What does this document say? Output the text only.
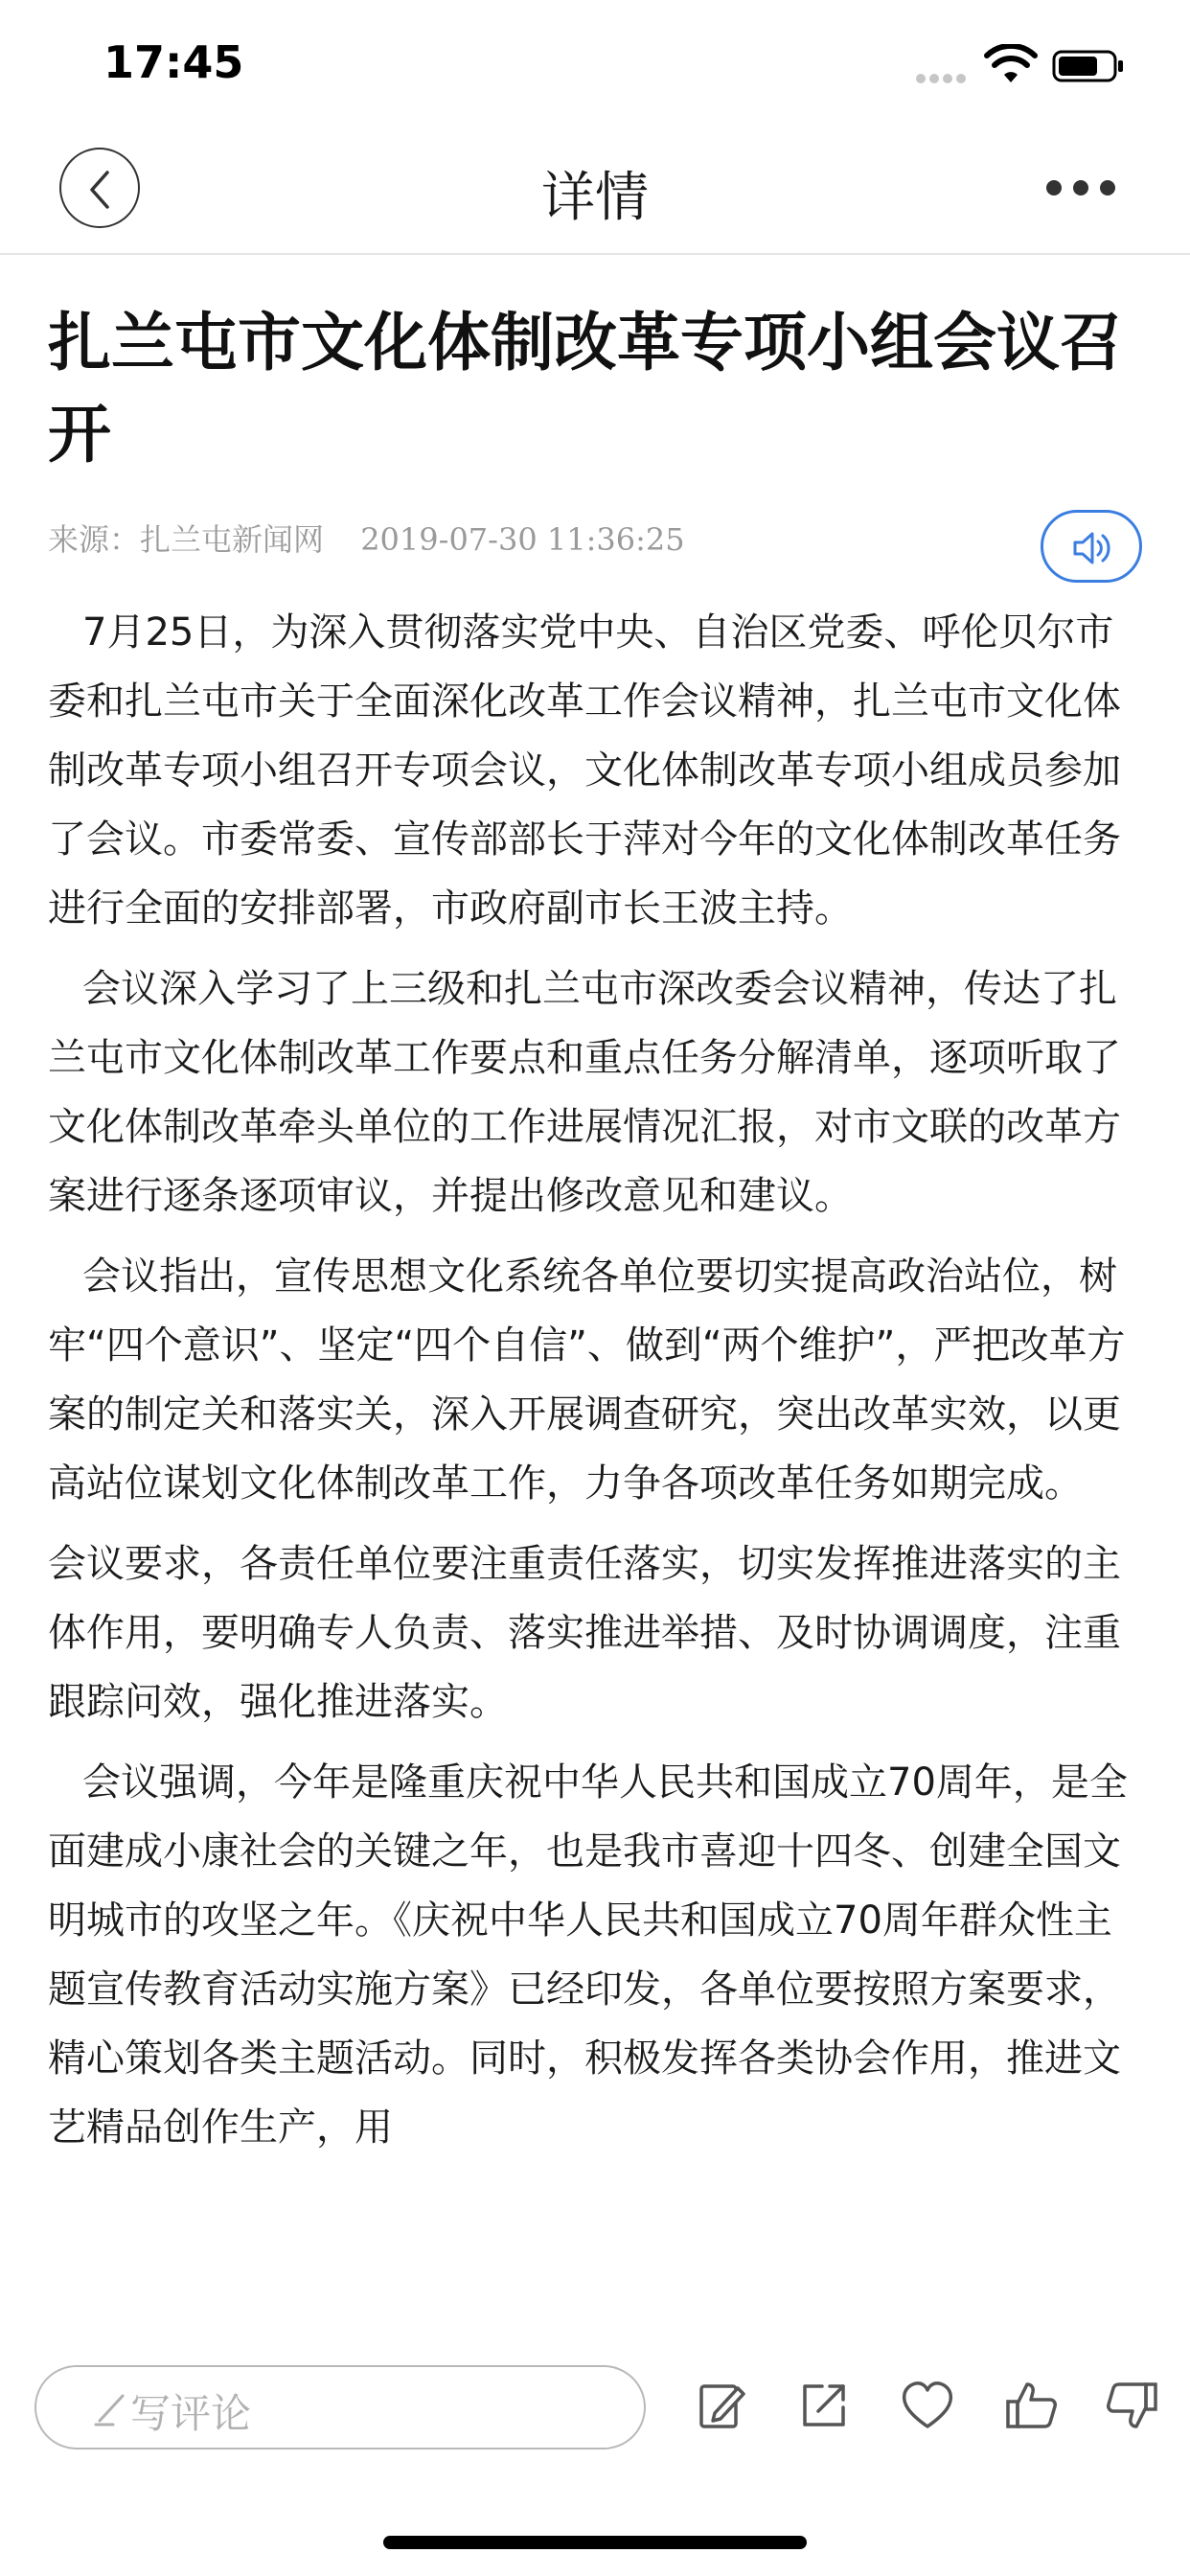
17:45
详情
扎兰屯市文化体制改革专项小组会议召开
来源：扎兰屯新闻网 2019-07-30 11:36:25

7月25日，为深入贯彻落实党中央、自治区党委、呼伦贝尔市委和扎兰屯市关于全面深化改革工作会议精神，扎兰屯市文化体制改革专项小组召开专项会议，文化体制改革专项小组成员参加了会议。市委常委、宣传部部长于萍对今年的文化体制改革任务进行全面的安排部署，市政府副市长王波主持。

会议深入学习了上三级和扎兰屯市深改委会议精神，传达了扎兰屯市文化体制改革工作要点和重点任务分解清单，逐项听取了文化体制改革牵头单位的工作进展情况汇报，对市文联的改革方案进行逐条逐项审议，并提出修改意见和建议。

会议指出，宣传思想文化系统各单位要切实提高政治站位，树牢“四个意识”、坚定“四个自信”、做到“两个维护”，严把改革方案的制定关和落实关，深入开展调查研究，突出改革实效，以更高站位谋划文化体制改革工作，力争各项改革任务如期完成。

会议要求，各责任单位要注重责任落实，切实发挥推进落实的主体作用，要明确专人负责、落实推进举措、及时协调调度，注重跟踪问效，强化推进落实。

会议强调，今年是隆重庆祝中华人民共和国成立70周年，是全面建成小康社会的关键之年，也是我市喜迎十四冬、创建全国文明城市的攻坚之年。《庆祝中华人民共和国成立70周年群众性主题宣传教育活动实施方案》已经印发，各单位要按照方案要求，精心策划各类主题活动。同时，积极发挥各类协会作用，推进文艺精品创作生产，用

写评论
